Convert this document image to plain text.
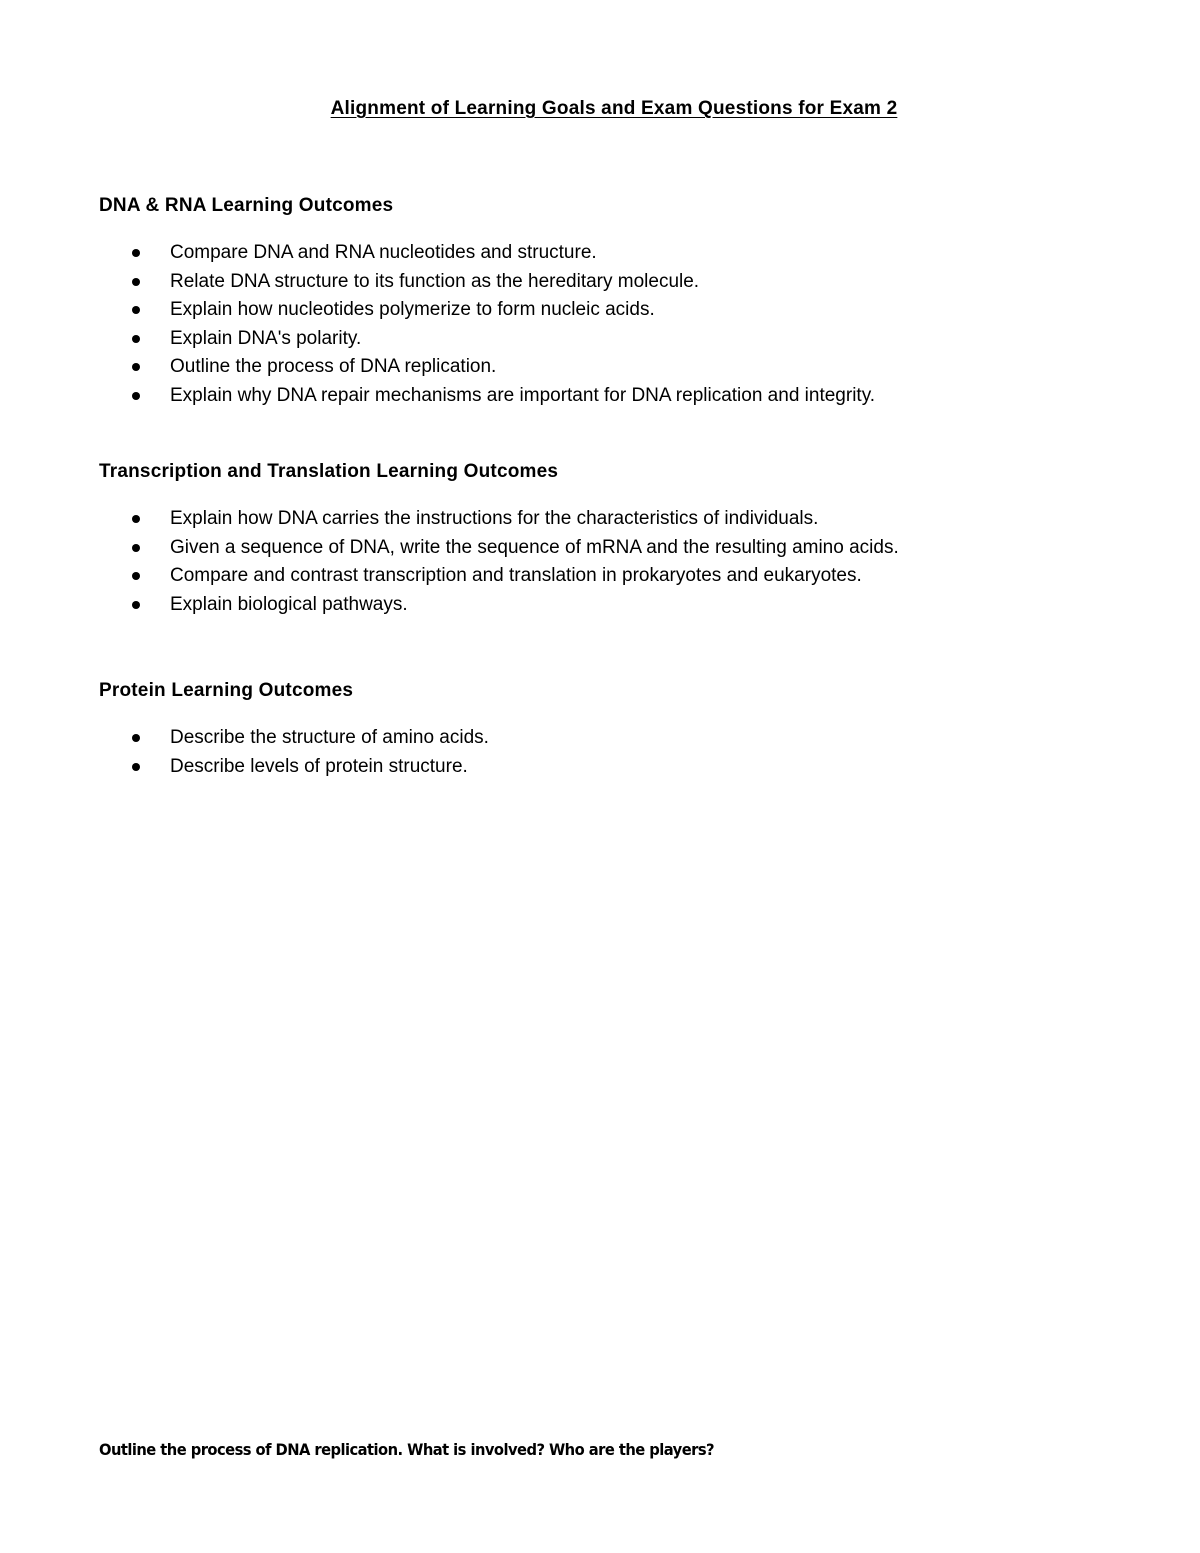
Alignment of Learning Goals and Exam Questions for Exam 2
DNA & RNA Learning Outcomes
Compare DNA and RNA nucleotides and structure.
Relate DNA structure to its function as the hereditary molecule.
Explain how nucleotides polymerize to form nucleic acids.
Explain DNA's polarity.
Outline the process of DNA replication.
Explain why DNA repair mechanisms are important for DNA replication and integrity.
Transcription and Translation Learning Outcomes
Explain how DNA carries the instructions for the characteristics of individuals.
Given a sequence of DNA, write the sequence of mRNA and the resulting amino acids.
Compare and contrast transcription and translation in prokaryotes and eukaryotes.
Explain biological pathways.
Protein Learning Outcomes
Describe the structure of amino acids.
Describe levels of protein structure.

Outline the process of DNA replication. What is involved? Who are the players?
